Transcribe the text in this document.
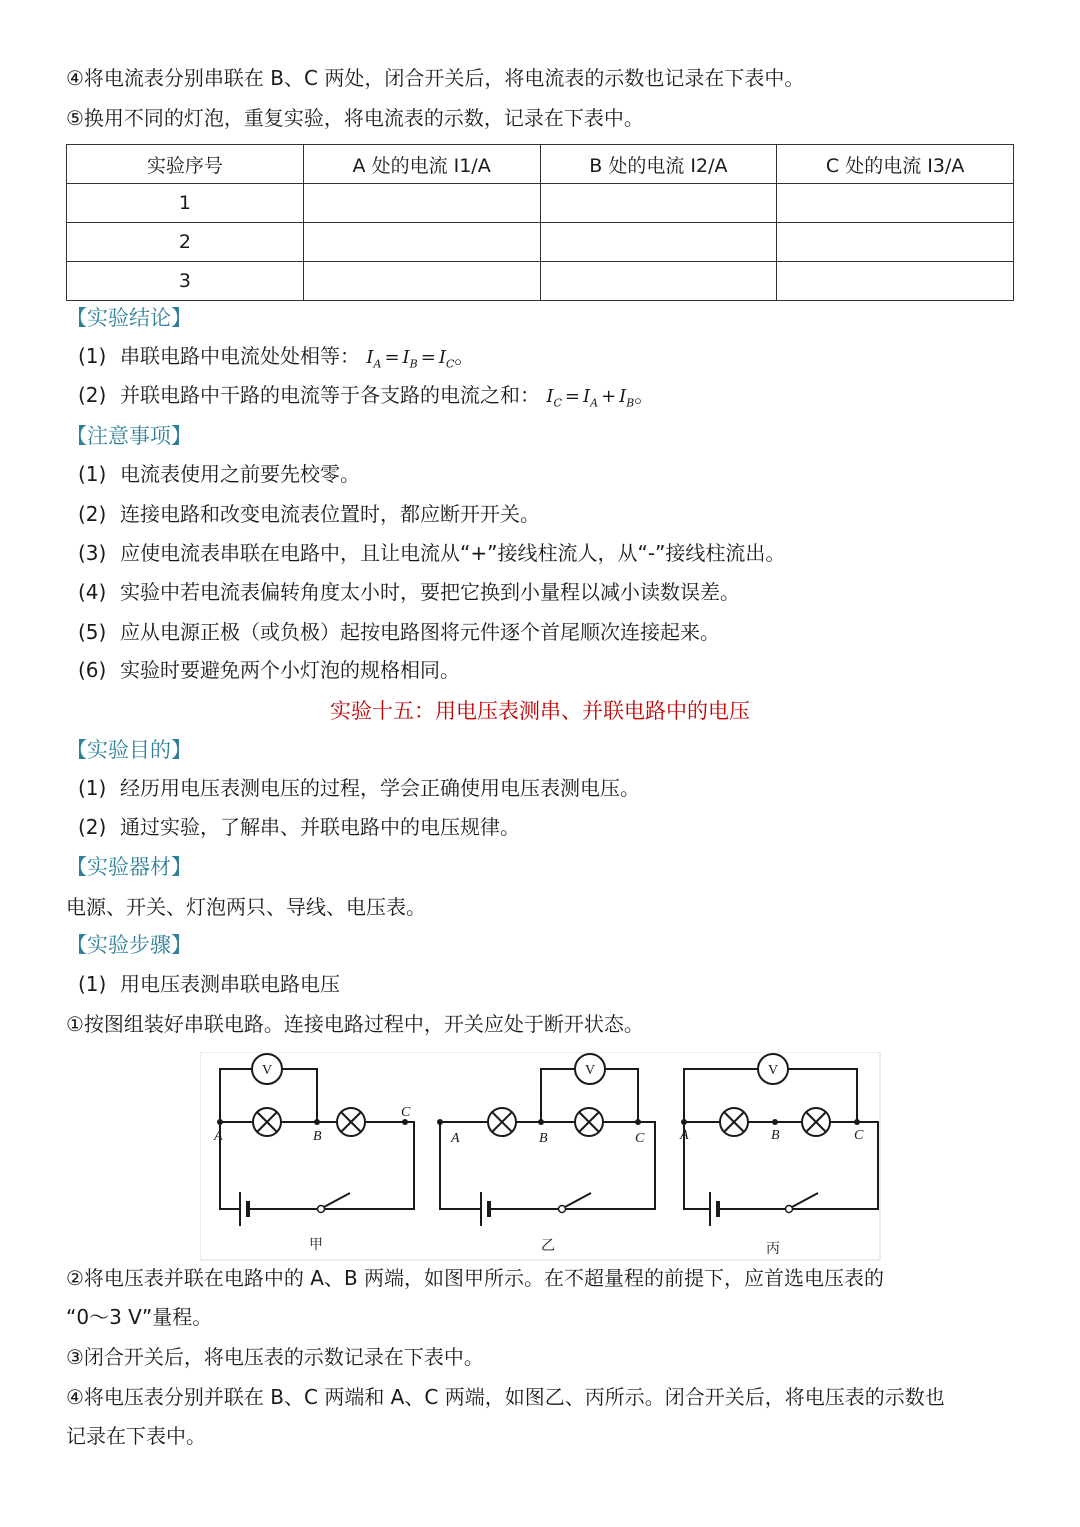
④将电流表分别串联在 B、C 两处，闭合开关后，将电流表的示数也记录在下表中。
⑤换用不同的灯泡，重复实验，将电流表的示数，记录在下表中。
实验序号	A 处的电流 I1/A	B 处的电流 I2/A	C 处的电流 I3/A
1			
2			
3			
【实验结论】
(1) 串联电路中电流处处相等： $I_A = I_B = I_C$。
(2) 并联电路中干路的电流等于各支路的电流之和： $I_C = I_A + I_B$。
【注意事项】
(1) 电流表使用之前要先校零。
(2) 连接电路和改变电流表位置时，都应断开开关。
(3) 应使电流表串联在电路中，且让电流从“+”接线柱流人，从“-”接线柱流出。
(4) 实验中若电流表偏转角度太小时，要把它换到小量程以减小读数误差。
(5) 应从电源正极（或负极）起按电路图将元件逐个首尾顺次连接起来。
(6) 实验时要避免两个小灯泡的规格相同。
实验十五：用电压表测串、并联电路中的电压
【实验目的】
(1) 经历用电压表测电压的过程，学会正确使用电压表测电压。
(2) 通过实验，了解串、并联电路中的电压规律。
【实验器材】
电源、开关、灯泡两只、导线、电压表。
【实验步骤】
(1) 用电压表测串联电路电压
①按图组装好串联电路。连接电路过程中，开关应处于断开状态。
V	V	V
A	B
C
A	B	C	A	B	C
甲	乙	丙
②将电压表并联在电路中的 A、B 两端，如图甲所示。在不超量程的前提下，应首选电压表的
“0～3 V”量程。
③闭合开关后，将电压表的示数记录在下表中。
④将电压表分别并联在 B、C 两端和 A、C 两端，如图乙、丙所示。闭合开关后，将电压表的示数也
记录在下表中。
